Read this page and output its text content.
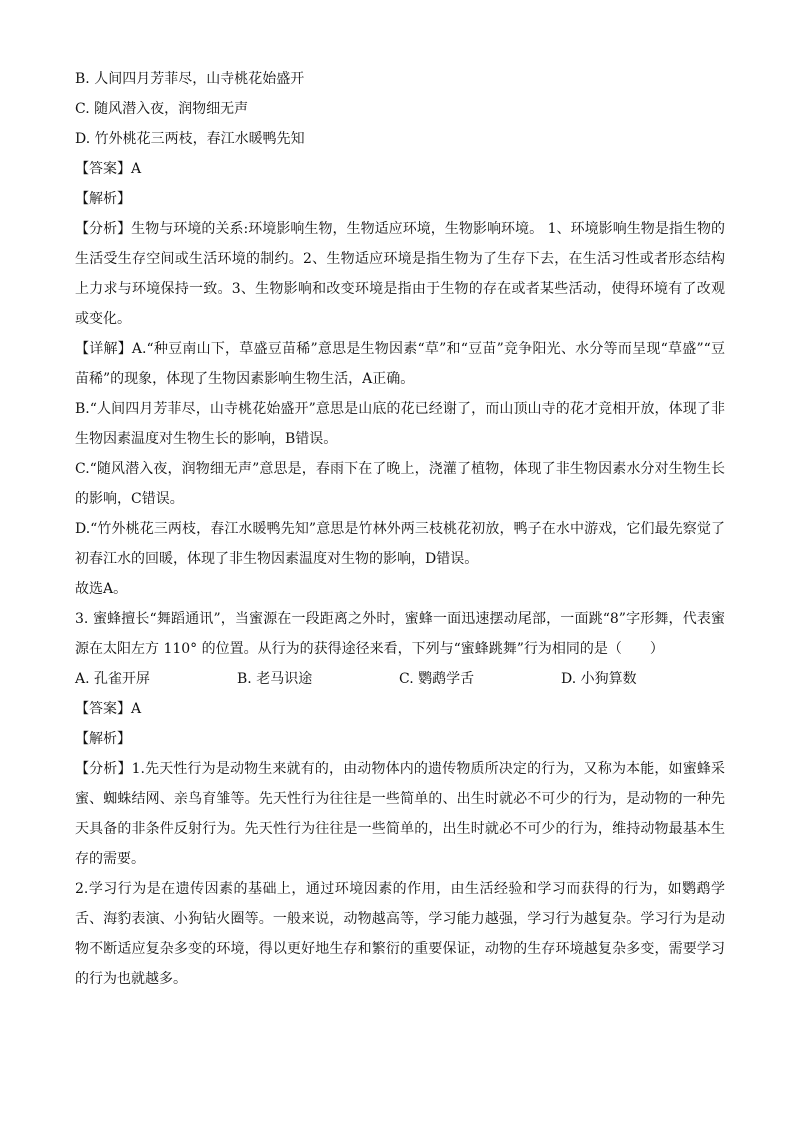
B. 人间四月芳菲尽，山寺桃花始盛开
C. 随风潜入夜，润物细无声
D. 竹外桃花三两枝，春江水暖鸭先知
【答案】A
【解析】

【分析】生物与环境的关系:环境影响生物，生物适应环境，生物影响环境。 1、环境影响生物是指生物的生活受生存空间或生活环境的制约。2、生物适应环境是指生物为了生存下去，在生活习性或者形态结构上力求与环境保持一致。3、生物影响和改变环境是指由于生物的存在或者某些活动，使得环境有了改观或变化。

【详解】A.“种豆南山下，草盛豆苗稀”意思是生物因素“草”和“豆苗”竞争阳光、水分等而呈现“草盛”“豆苗稀”的现象，体现了生物因素影响生物生活，A正确。

B.“人间四月芳菲尽，山寺桃花始盛开”意思是山底的花已经谢了，而山顶山寺的花才竞相开放，体现了非生物因素温度对生物生长的影响，B错误。

C.“随风潜入夜，润物细无声”意思是，春雨下在了晚上，浇灌了植物，体现了非生物因素水分对生物生长的影响，C错误。

D.“竹外桃花三两枝，春江水暖鸭先知”意思是竹林外两三枝桃花初放，鸭子在水中游戏，它们最先察觉了初春江水的回暖，体现了非生物因素温度对生物的影响，D错误。

故选A。

3. 蜜蜂擅长“舞蹈通讯”，当蜜源在一段距离之外时，蜜蜂一面迅速摆动尾部，一面跳“8”字形舞，代表蜜源在太阳左方 110° 的位置。从行为的获得途径来看，下列与“蜜蜂跳舞”行为相同的是（　　）

A. 孔雀开屏	B. 老马识途	C. 鹦鹉学舌	D. 小狗算数
【答案】A
【解析】

【分析】1.先天性行为是动物生来就有的，由动物体内的遗传物质所决定的行为，又称为本能，如蜜蜂采蜜、蜘蛛结网、亲鸟育雏等。先天性行为往往是一些简单的、出生时就必不可少的行为，是动物的一种先天具备的非条件反射行为。先天性行为往往是一些简单的，出生时就必不可少的行为，维持动物最基本生存的需要。

2.学习行为是在遗传因素的基础上，通过环境因素的作用，由生活经验和学习而获得的行为，如鹦鹉学舌、海豹表演、小狗钻火圈等。一般来说，动物越高等，学习能力越强，学习行为越复杂。学习行为是动物不断适应复杂多变的环境，得以更好地生存和繁衍的重要保证，动物的生存环境越复杂多变，需要学习的行为也就越多。
